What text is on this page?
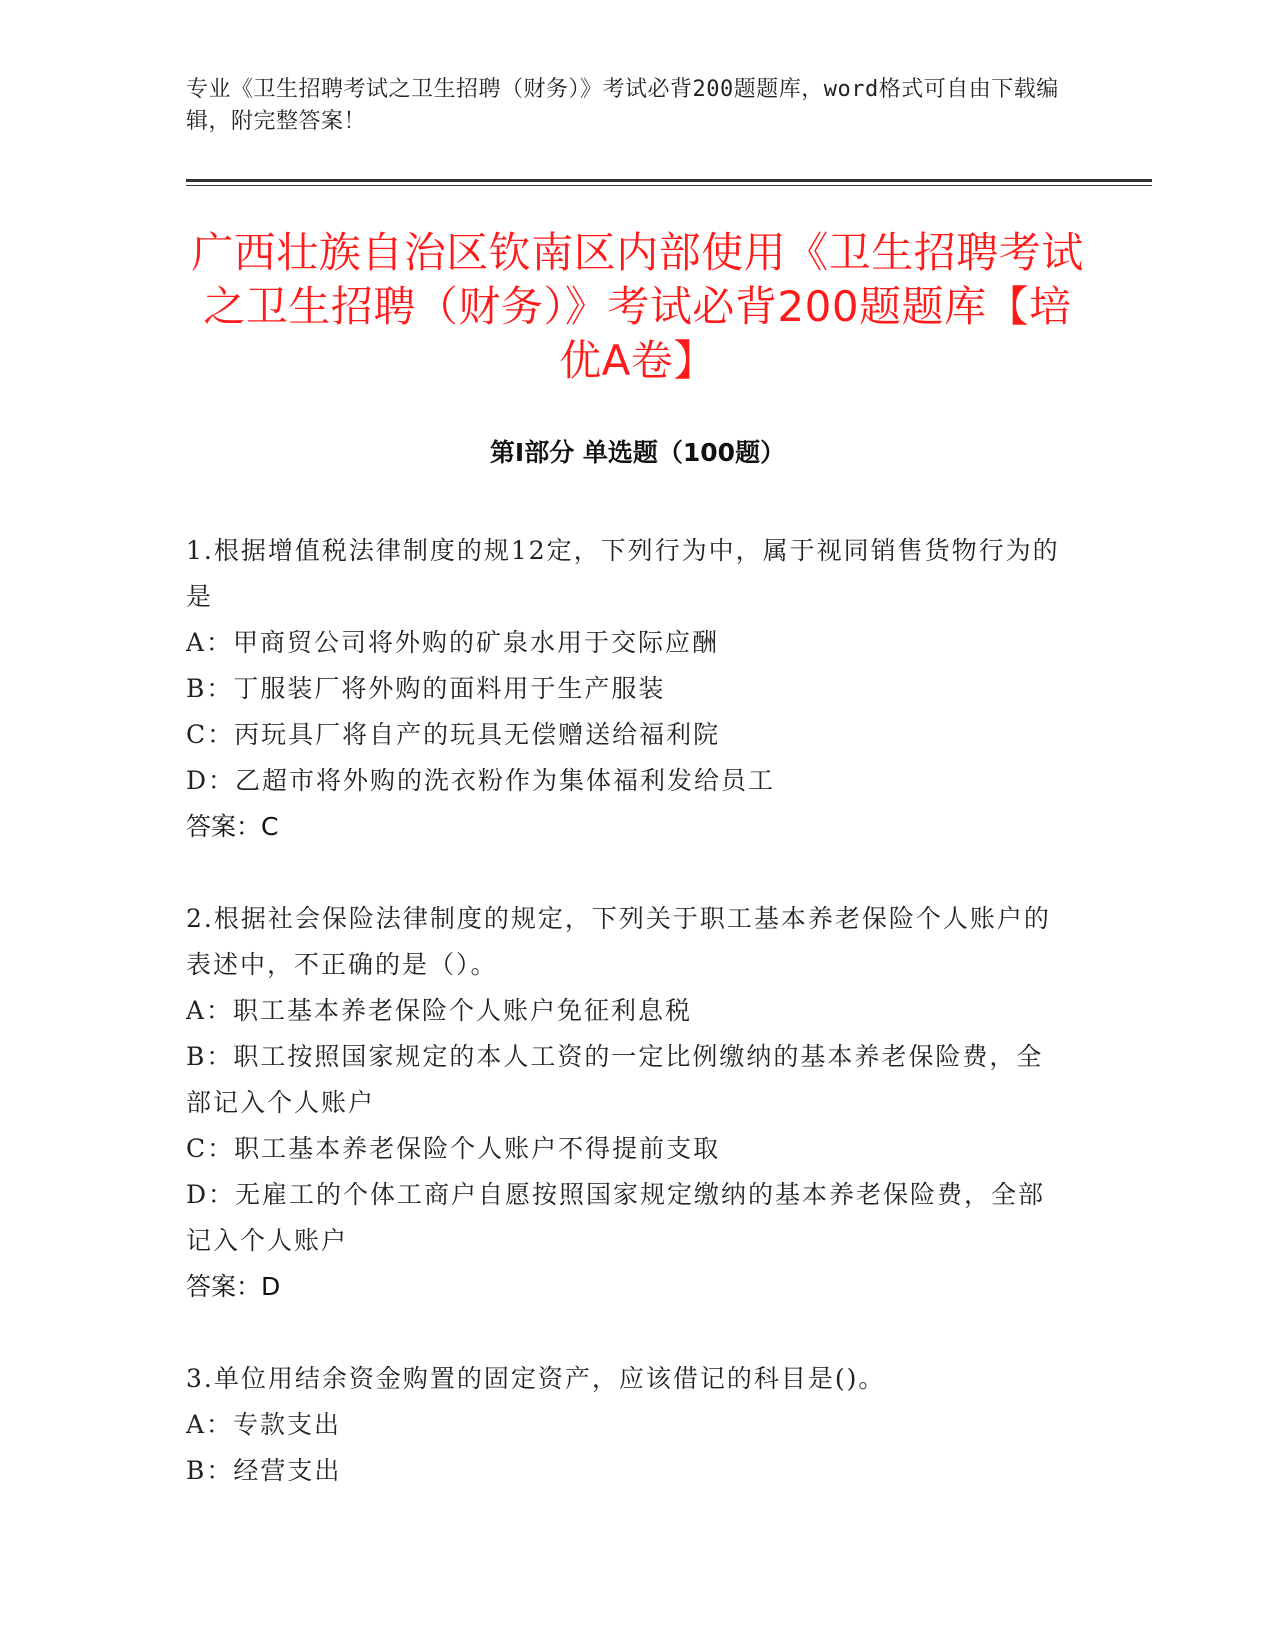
专业《卫生招聘考试之卫生招聘（财务）》考试必背200题题库，word格式可自由下载编辑，附完整答案！
广西壮族自治区钦南区内部使用《卫生招聘考试之卫生招聘（财务）》考试必背200题题库【培优A卷】
第Ⅰ部分 单选题（100题）
1.根据增值税法律制度的规12定，下列行为中，属于视同销售货物行为的是
A：甲商贸公司将外购的矿泉水用于交际应酬
B：丁服装厂将外购的面料用于生产服装
C：丙玩具厂将自产的玩具无偿赠送给福利院
D：乙超市将外购的洗衣粉作为集体福利发给员工
答案：C
2.根据社会保险法律制度的规定，下列关于职工基本养老保险个人账户的表述中，不正确的是（）。
A：职工基本养老保险个人账户免征利息税
B：职工按照国家规定的本人工资的一定比例缴纳的基本养老保险费，全部记入个人账户
C：职工基本养老保险个人账户不得提前支取
D：无雇工的个体工商户自愿按照国家规定缴纳的基本养老保险费，全部记入个人账户
答案：D
3.单位用结余资金购置的固定资产，应该借记的科目是()。
A：专款支出
B：经营支出
